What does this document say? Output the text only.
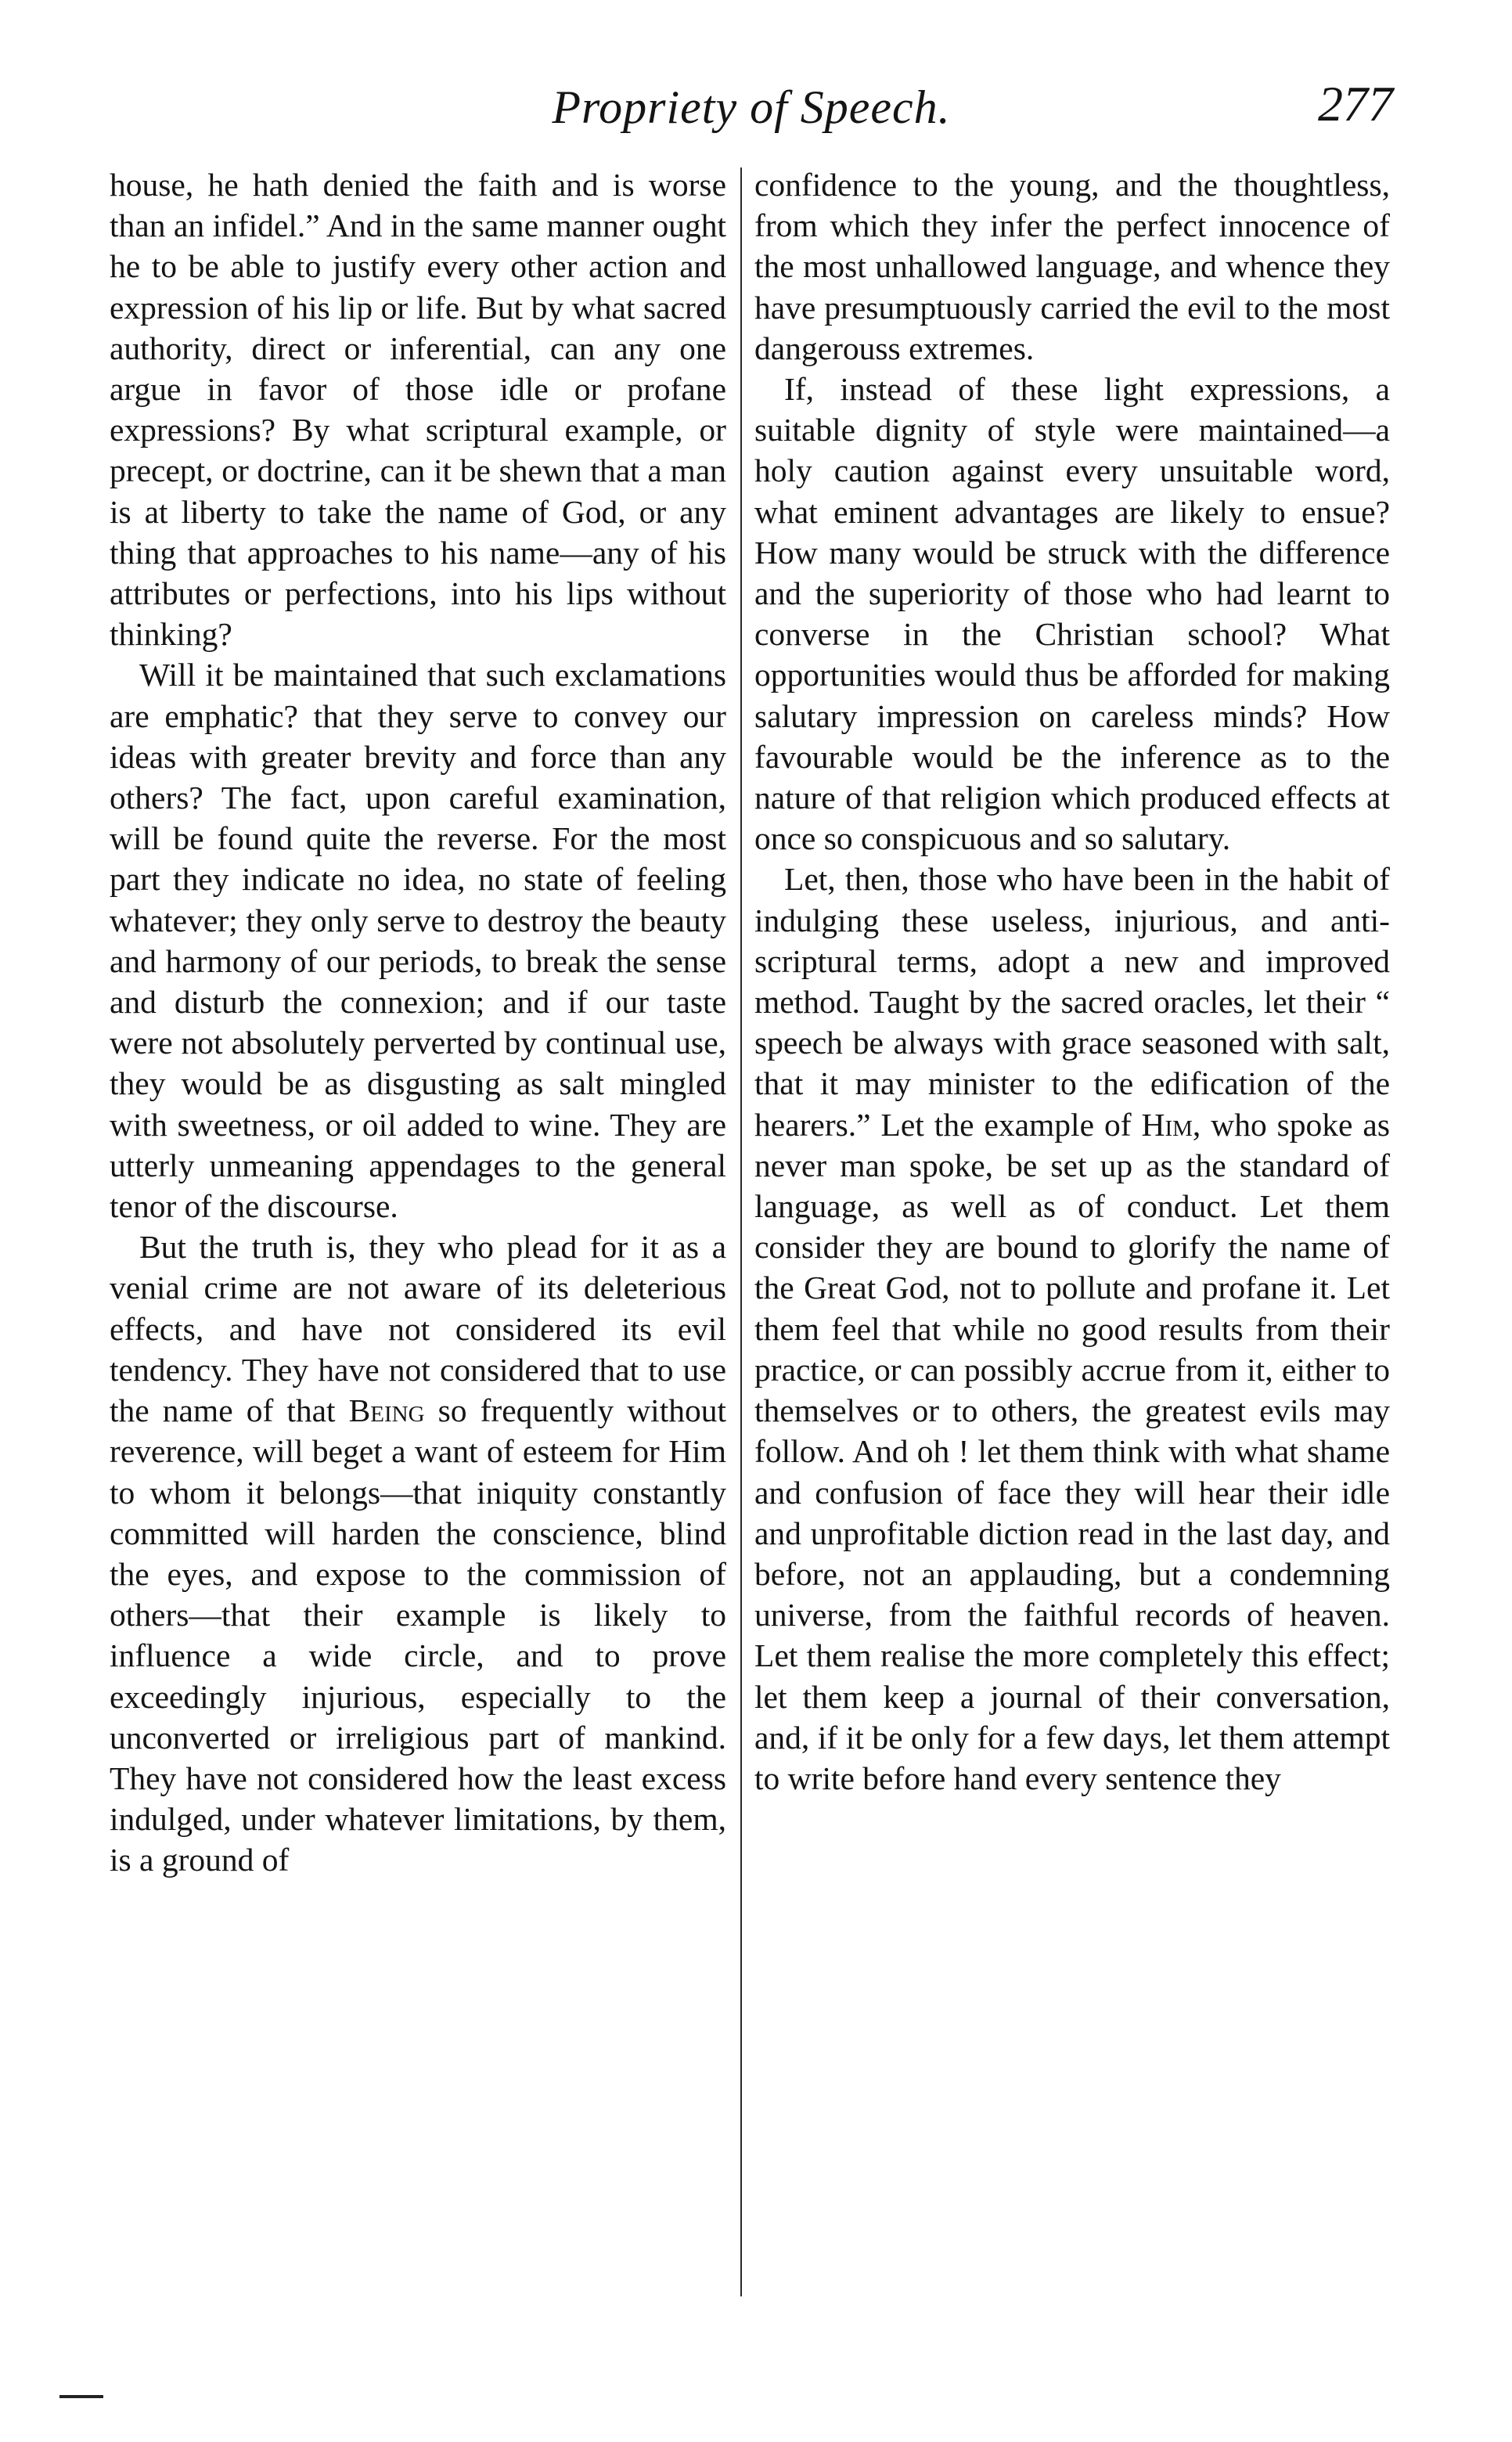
Propriety of Speech.	277

house, he hath denied the faith and is worse than an infidel.” And in the same manner ought he to be able to justify every other action and expression of his lip or life. But by what sacred authority, direct or inferential, can any one argue in favor of those idle or profane expressions? By what scriptural example, or precept, or doctrine, can it be shewn that a man is at liberty to take the name of God, or any thing that approaches to his name—any of his attributes or perfections, into his lips without thinking?

Will it be maintained that such exclamations are emphatic? that they serve to convey our ideas with greater brevity and force than any others? The fact, upon careful examination, will be found quite the reverse. For the most part they indicate no idea, no state of feeling whatever; they only serve to destroy the beauty and harmony of our periods, to break the sense and disturb the connexion; and if our taste were not absolutely perverted by continual use, they would be as disgusting as salt mingled with sweetness, or oil added to wine. They are utterly unmeaning appendages to the general tenor of the discourse.

But the truth is, they who plead for it as a venial crime are not aware of its deleterious effects, and have not considered its evil tendency. They have not considered that to use the name of that Being so frequently without reverence, will beget a want of esteem for Him to whom it belongs—that iniquity constantly committed will harden the conscience, blind the eyes, and expose to the commission of others—that their example is likely to influence a wide circle, and to prove exceedingly injurious, especially to the unconverted or irreligious part of mankind. They have not considered how the least excess indulged, under whatever limitations, by them, is a ground of

confidence to the young, and the thoughtless, from which they infer the perfect innocence of the most unhallowed language, and whence they have presumptuously carried the evil to the most dangerouss extremes.

If, instead of these light expressions, a suitable dignity of style were maintained—a holy caution against every unsuitable word, what eminent advantages are likely to ensue? How many would be struck with the difference and the superiority of those who had learnt to converse in the Christian school? What opportunities would thus be afforded for making salutary impression on careless minds? How favourable would be the inference as to the nature of that religion which produced effects at once so conspicuous and so salutary.

Let, then, those who have been in the habit of indulging these useless, injurious, and anti-scriptural terms, adopt a new and improved method. Taught by the sacred oracles, let their “ speech be always with grace seasoned with salt, that it may minister to the edification of the hearers.” Let the example of Him, who spoke as never man spoke, be set up as the standard of language, as well as of conduct. Let them consider they are bound to glorify the name of the Great God, not to pollute and profane it. Let them feel that while no good results from their practice, or can possibly accrue from it, either to themselves or to others, the greatest evils may follow. And oh ! let them think with what shame and confusion of face they will hear their idle and unprofitable diction read in the last day, and before, not an applauding, but a condemning universe, from the faithful records of heaven. Let them realise the more completely this effect; let them keep a journal of their conversation, and, if it be only for a few days, let them attempt to write before hand every sentence they
